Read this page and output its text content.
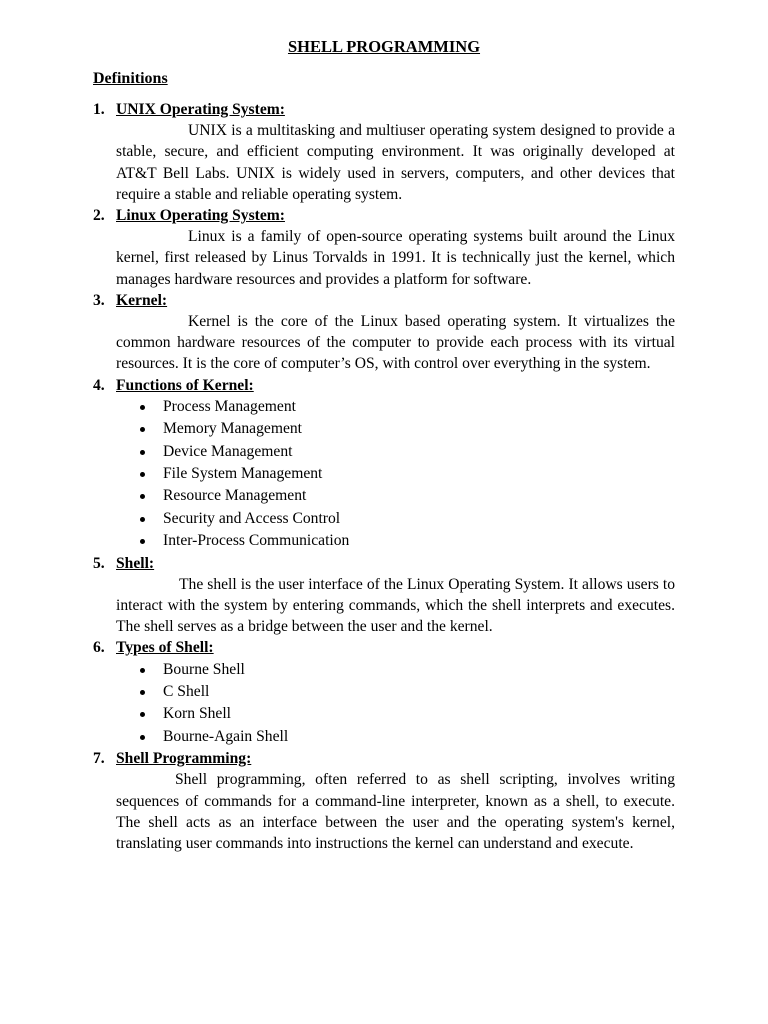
SHELL PROGRAMMING
Definitions
1. UNIX Operating System:

UNIX is a multitasking and multiuser operating system designed to provide a stable, secure, and efficient computing environment. It was originally developed at AT&T Bell Labs. UNIX is widely used in servers, computers, and other devices that require a stable and reliable operating system.

2. Linux Operating System:

Linux is a family of open-source operating systems built around the Linux kernel, first released by Linus Torvalds in 1991. It is technically just the kernel, which manages hardware resources and provides a platform for software.

3. Kernel:

Kernel is the core of the Linux based operating system. It virtualizes the common hardware resources of the computer to provide each process with its virtual resources. It is the core of computer’s OS, with control over everything in the system.

4. Functions of Kernel:
Process Management
Memory Management
Device Management
File System Management
Resource Management
Security and Access Control
Inter-Process Communication
5. Shell:

The shell is the user interface of the Linux Operating System. It allows users to interact with the system by entering commands, which the shell interprets and executes. The shell serves as a bridge between the user and the kernel.

6. Types of Shell:
Bourne Shell
C Shell
Korn Shell
Bourne-Again Shell
7. Shell Programming:

Shell programming, often referred to as shell scripting, involves writing sequences of commands for a command-line interpreter, known as a shell, to execute. The shell acts as an interface between the user and the operating system's kernel, translating user commands into instructions the kernel can understand and execute.
